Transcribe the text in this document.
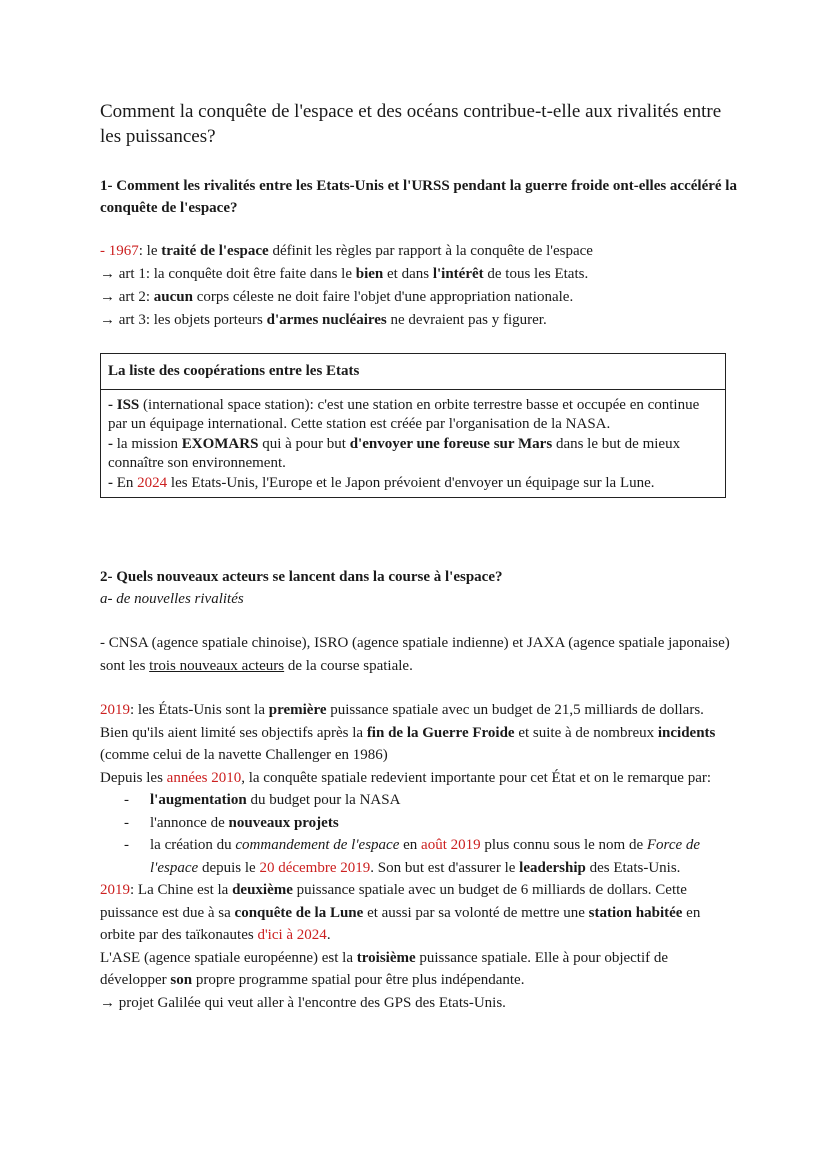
Comment la conquête de l'espace et des océans contribue-t-elle aux rivalités entre les puissances?
1- Comment les rivalités entre les Etats-Unis et l'URSS pendant la guerre froide ont-elles accéléré la conquête de l'espace?
- 1967: le traité de l'espace définit les règles par rapport à la conquête de l'espace
→ art 1: la conquête doit être faite dans le bien et dans l'intérêt de tous les Etats.
→ art 2: aucun corps céleste ne doit faire l'objet d'une appropriation nationale.
→ art 3: les objets porteurs d'armes nucléaires ne devraient pas y figurer.
La liste des coopérations entre les Etats

- ISS (international space station): c'est une station en orbite terrestre basse et occupée en continue par un équipage international. Cette station est créée par l'organisation de la NASA.

- la mission EXOMARS qui à pour but d'envoyer une foreuse sur Mars dans le but de mieux connaître son environnement.

- En 2024 les Etats-Unis, l'Europe et le Japon prévoient d'envoyer un équipage sur la Lune.

2- Quels nouveaux acteurs se lancent dans la course à l'espace?
a- de nouvelles rivalités
- CNSA (agence spatiale chinoise), ISRO (agence spatiale indienne) et JAXA (agence spatiale japonaise) sont les trois nouveaux acteurs de la course spatiale.

2019: les États-Unis sont la première puissance spatiale avec un budget de 21,5 milliards de dollars. Bien qu'ils aient limité ses objectifs après la fin de la Guerre Froide et suite à de nombreux incidents (comme celui de la navette Challenger en 1986)

Depuis les années 2010, la conquête spatiale redevient importante pour cet État et on le remarque par:

- l'augmentation du budget pour la NASA
- l'annonce de nouveaux projets
- la création du commandement de l'espace en août 2019 plus connu sous le nom de Force de l'espace depuis le 20 décembre 2019. Son but est d'assurer le leadership des Etats-Unis.

2019: La Chine est la deuxième puissance spatiale avec un budget de 6 milliards de dollars. Cette puissance est due à sa conquête de la Lune et aussi par sa volonté de mettre une station habitée en orbite par des taïkonautes d'ici à 2024.

L'ASE (agence spatiale européenne) est la troisième puissance spatiale. Elle à pour objectif de développer son propre programme spatial pour être plus indépendante.

→ projet Galilée qui veut aller à l'encontre des GPS des Etats-Unis.
